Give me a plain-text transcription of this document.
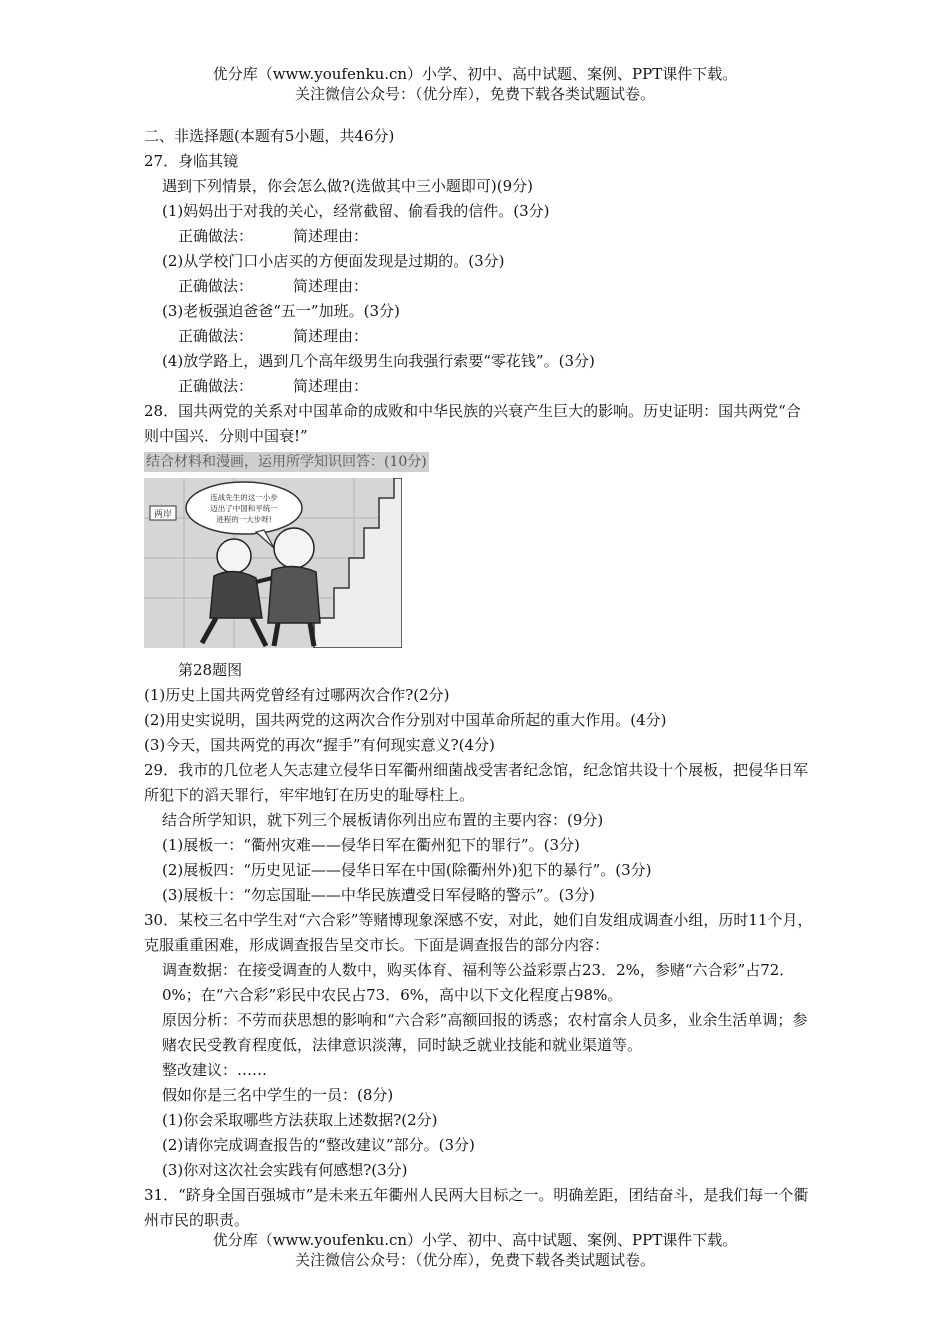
优分库（www.youfenku.cn）小学、初中、高中试题、案例、PPT课件下载。
关注微信公众号：（优分库），免费下载各类试题试卷。
二、非选择题(本题有5小题，共46分)
27．身临其镜
遇到下列情景，你会怎么做?(选做其中三小题即可)(9分)
(1)妈妈出于对我的关心，经常截留、偷看我的信件。(3分)
正确做法：	简述理由：
(2)从学校门口小店买的方便面发现是过期的。(3分)
正确做法：	简述理由：
(3)老板强迫爸爸“五一”加班。(3分)
正确做法：	简述理由：
(4)放学路上，遇到几个高年级男生向我强行索要“零花钱”。(3分)
正确做法：	简述理由：
28．国共两党的关系对中国革命的成败和中华民族的兴衰产生巨大的影响。历史证明：国共两党“合则中国兴．分则中国衰!”
结合材料和漫画，运用所学知识回答：(10分)
连战先生的这一小步
迈出了中国和平统一
进程的一大步呀!
两岸
第28题图
(1)历史上国共两党曾经有过哪两次合作?(2分)
(2)用史实说明，国共两党的这两次合作分别对中国革命所起的重大作用。(4分)
(3)今天，国共两党的再次“握手”有何现实意义?(4分)
29．我市的几位老人矢志建立侵华日军衢州细菌战受害者纪念馆，纪念馆共设十个展板，把侵华日军所犯下的滔天罪行，牢牢地钉在历史的耻辱柱上。
结合所学知识，就下列三个展板请你列出应布置的主要内容：(9分)
(1)展板一：“衢州灾难——侵华日军在衢州犯下的罪行”。(3分)
(2)展板四：“历史见证——侵华日军在中国(除衢州外)犯下的暴行”。(3分)
(3)展板十：“勿忘国耻——中华民族遭受日军侵略的警示”。(3分)
30．某校三名中学生对“六合彩”等赌博现象深感不安，对此，她们自发组成调查小组，历时11个月，克服重重困难，形成调查报告呈交市长。下面是调查报告的部分内容：
调查数据：在接受调查的人数中，购买体育、福利等公益彩票占23．2%，参赌“六合彩”占72．0%；在“六合彩”彩民中农民占73．6%，高中以下文化程度占98%。
原因分析：不劳而获思想的影响和“六合彩”高额回报的诱惑；农村富余人员多，业余生活单调；参赌农民受教育程度低，法律意识淡薄，同时缺乏就业技能和就业渠道等。
整改建议：……
假如你是三名中学生的一员：(8分)
(1)你会采取哪些方法获取上述数据?(2分)
(2)请你完成调查报告的“整改建议”部分。(3分)
(3)你对这次社会实践有何感想?(3分)
31．“跻身全国百强城市”是未来五年衢州人民两大目标之一。明确差距，团结奋斗，是我们每一个衢州市民的职责。
优分库（www.youfenku.cn）小学、初中、高中试题、案例、PPT课件下载。
关注微信公众号：（优分库），免费下载各类试题试卷。
